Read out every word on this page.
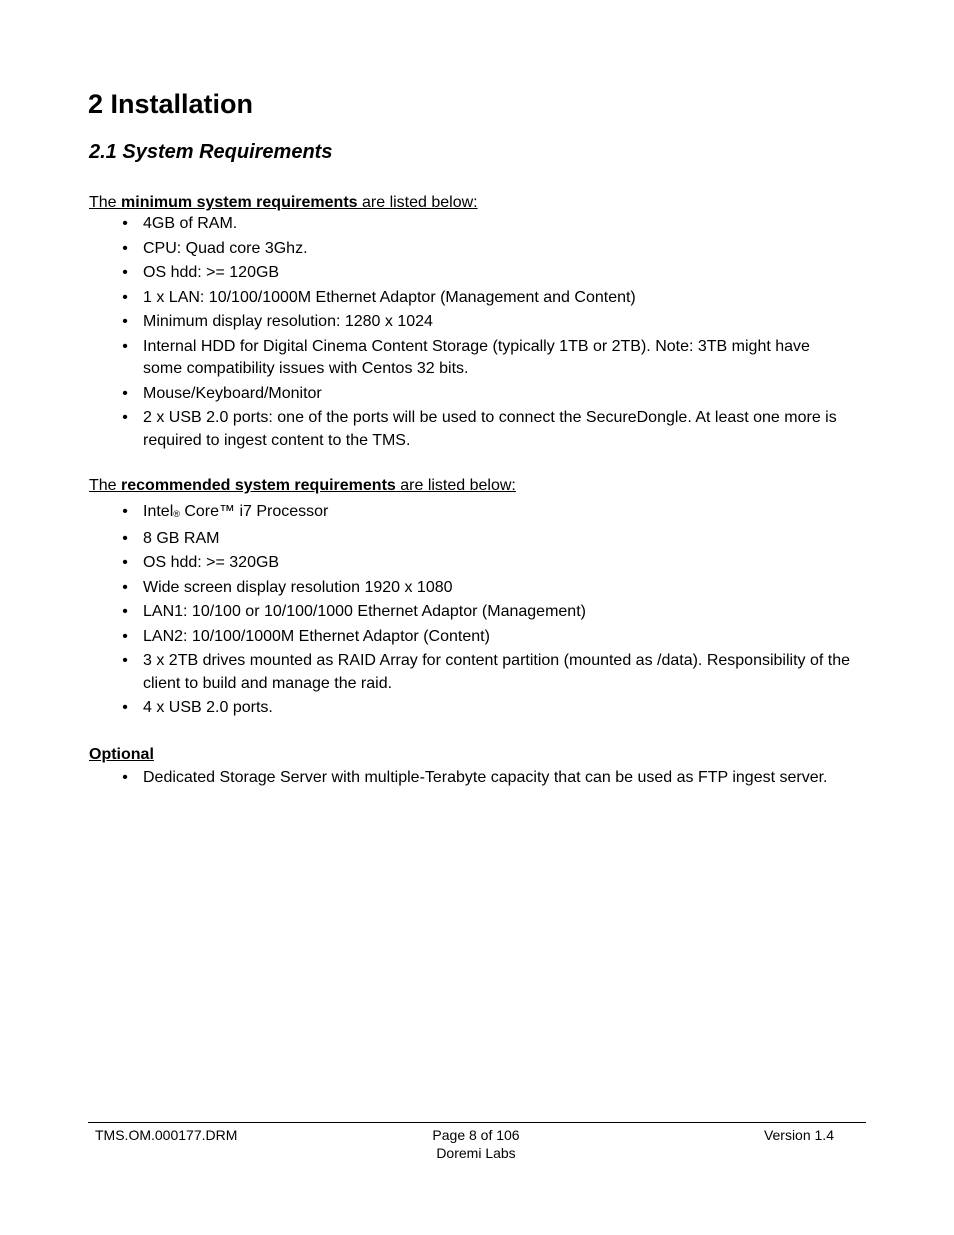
2 Installation
2.1 System Requirements

The minimum system requirements are listed below:

• 4GB of RAM.
• CPU: Quad core 3Ghz.
• OS hdd: >= 120GB
• 1 x LAN: 10/100/1000M Ethernet Adaptor (Management and Content)
• Minimum display resolution: 1280 x 1024
• Internal HDD for Digital Cinema Content Storage (typically 1TB or 2TB). Note: 3TB might have some compatibility issues with Centos 32 bits.
• Mouse/Keyboard/Monitor
• 2 x USB 2.0 ports: one of the ports will be used to connect the SecureDongle. At least one more is required to ingest content to the TMS.

The recommended system requirements are listed below:

• Intel® Core™ i7 Processor
• 8 GB RAM
• OS hdd: >= 320GB
• Wide screen display resolution 1920 x 1080
• LAN1: 10/100 or 10/100/1000 Ethernet Adaptor (Management)
• LAN2: 10/100/1000M Ethernet Adaptor (Content)
• 3 x 2TB drives mounted as RAID Array for content partition (mounted as /data). Responsibility of the client to build and manage the raid.
• 4 x USB 2.0 ports.

Optional

• Dedicated Storage Server with multiple-Terabyte capacity that can be used as FTP ingest server.
TMS.OM.000177.DRM	Page 8 of 106
Doremi Labs
Version 1.4
